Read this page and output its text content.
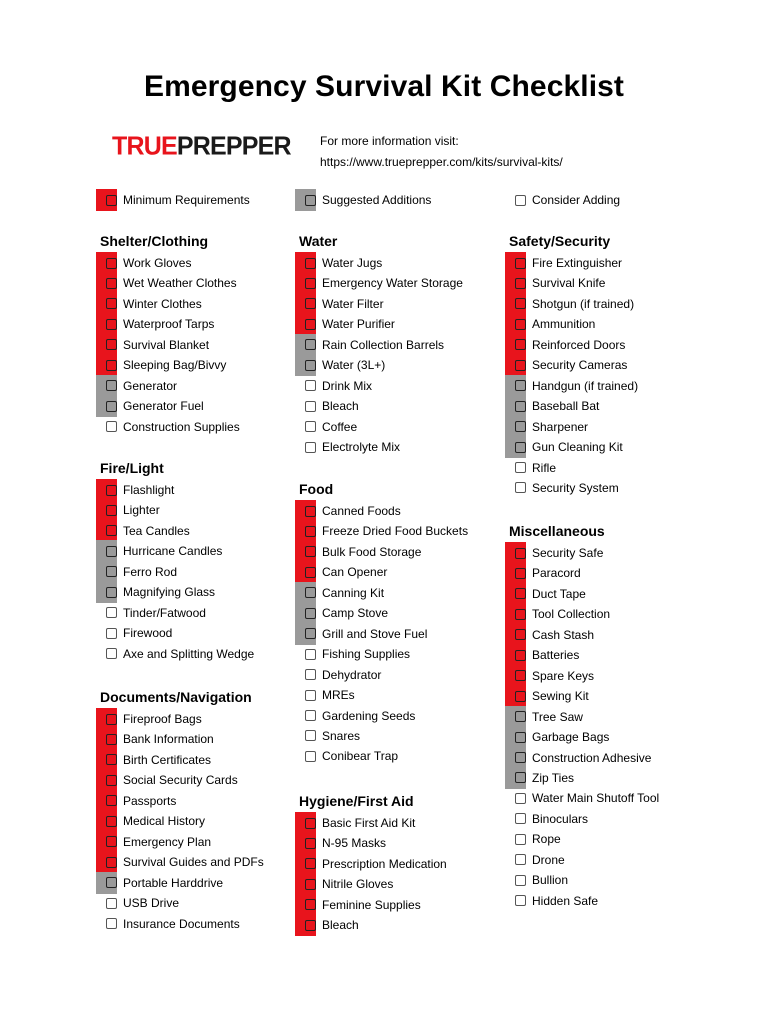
Emergency Survival Kit Checklist
TRUEPREPPER For more information visit:
https://www.trueprepper.com/kits/survival-kits/
Minimum Requirements	Suggested Additions	Consider Adding
Shelter/Clothing
Work Gloves
Wet Weather Clothes
Winter Clothes
Waterproof Tarps
Survival Blanket
Sleeping Bag/Bivvy
Generator
Generator Fuel
Construction Supplies
Fire/Light
Flashlight
Lighter
Tea Candles
Hurricane Candles
Ferro Rod
Magnifying Glass
Tinder/Fatwood
Firewood
Axe and Splitting Wedge
Documents/Navigation
Fireproof Bags
Bank Information
Birth Certificates
Social Security Cards
Passports
Medical History
Emergency Plan
Survival Guides and PDFs
Portable Harddrive
USB Drive
Insurance Documents
Water
Water Jugs
Emergency Water Storage
Water Filter
Water Purifier
Rain Collection Barrels
Water (3L+)
Drink Mix
Bleach
Coffee
Electrolyte Mix
Food
Canned Foods
Freeze Dried Food Buckets
Bulk Food Storage
Can Opener
Canning Kit
Camp Stove
Grill and Stove Fuel
Fishing Supplies
Dehydrator
MREs
Gardening Seeds
Snares
Conibear Trap
Hygiene/First Aid
Basic First Aid Kit
N-95 Masks
Prescription Medication
Nitrile Gloves
Feminine Supplies
Bleach
Safety/Security
Fire Extinguisher
Survival Knife
Shotgun (if trained)
Ammunition
Reinforced Doors
Security Cameras
Handgun (if trained)
Baseball Bat
Sharpener
Gun Cleaning Kit
Rifle
Security System
Miscellaneous
Security Safe
Paracord
Duct Tape
Tool Collection
Cash Stash
Batteries
Spare Keys
Sewing Kit
Tree Saw
Garbage Bags
Construction Adhesive
Zip Ties
Water Main Shutoff Tool
Binoculars
Rope
Drone
Bullion
Hidden Safe
